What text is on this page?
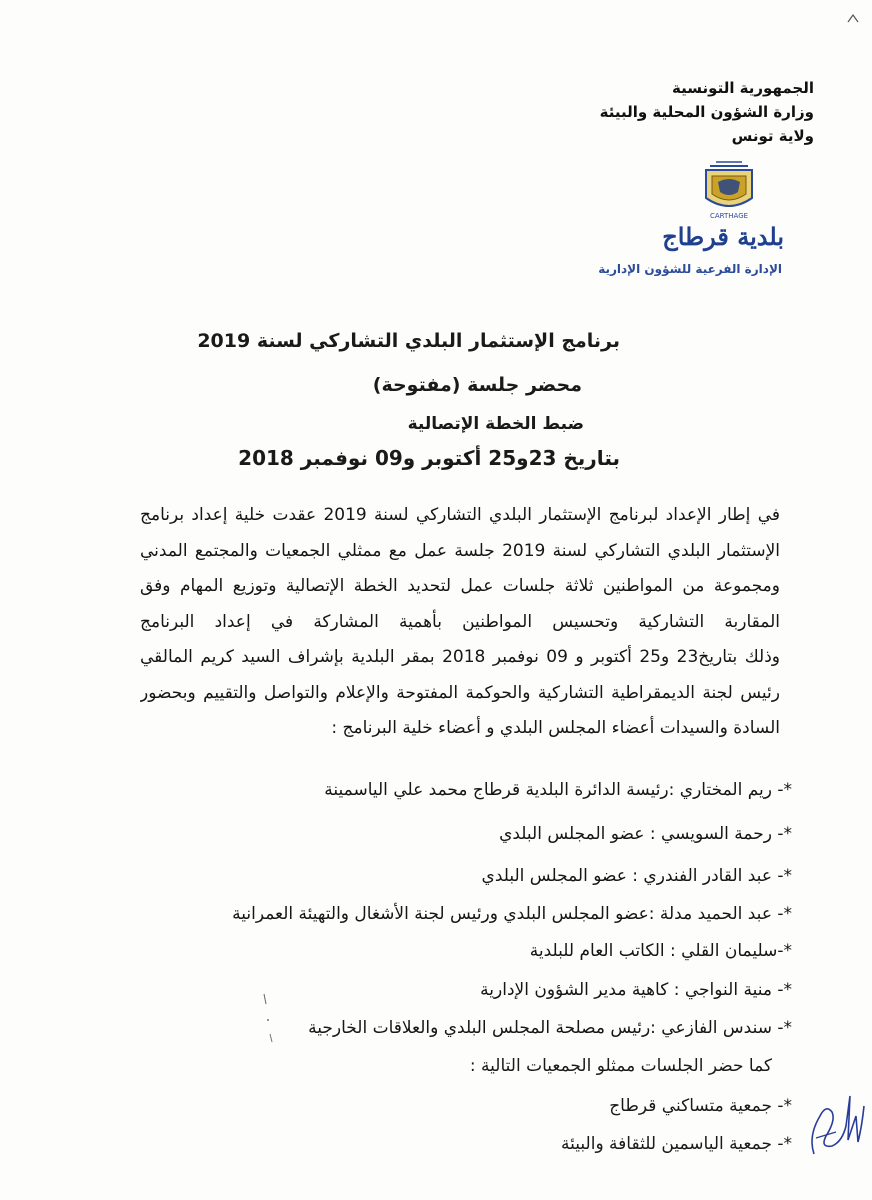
الجمهورية التونسية
وزارة الشؤون المحلية والبيئة
ولاية تونس
CARTHAGE
بلدية قرطاج
الإدارة الفرعية للشؤون الإدارية
برنامج الإستثمار البلدي التشاركي لسنة 2019
محضر جلسة (مفتوحة)
ضبط الخطة الإتصالية
بتاريخ 23و25 أكتوبر و09 نوفمبر 2018
في إطار الإعداد لبرنامج الإستثمار البلدي التشاركي لسنة 2019 عقدت خلية إعداد برنامج
الإستثمار البلدي التشاركي لسنة 2019 جلسة عمل مع ممثلي الجمعيات والمجتمع المدني
ومجموعة من المواطنين ثلاثة جلسات عمل لتحديد الخطة الإتصالية وتوزيع المهام وفق
المقاربة التشاركية وتحسيس المواطنين بأهمية المشاركة في إعداد البرنامج
وذلك بتاريخ23 و25 أكتوبر و 09 نوفمبر 2018 بمقر البلدية بإشراف السيد كريم المالقي
رئيس لجنة الديمقراطية التشاركية والحوكمة المفتوحة والإعلام والتواصل والتقييم وبحضور
السادة والسيدات أعضاء المجلس البلدي و أعضاء خلية البرنامج :
*- ريم المختاري :رئيسة الدائرة البلدية قرطاج محمد علي الياسمينة
*- رحمة السويسي : عضو المجلس البلدي
*- عبد القادر الفندري : عضو المجلس البلدي
*- عبد الحميد مدلة :عضو المجلس البلدي ورئيس لجنة الأشغال والتهيئة العمرانية
*-سليمان القلي : الكاتب العام للبلدية
*- منية النواجي : كاهية مدير الشؤون الإدارية
*- سندس الفازعي :رئيس مصلحة المجلس البلدي والعلاقات الخارجية
كما حضر الجلسات ممثلو الجمعيات التالية :
*- جمعية متساكني قرطاج
*- جمعية الياسمين للثقافة والبيئة
